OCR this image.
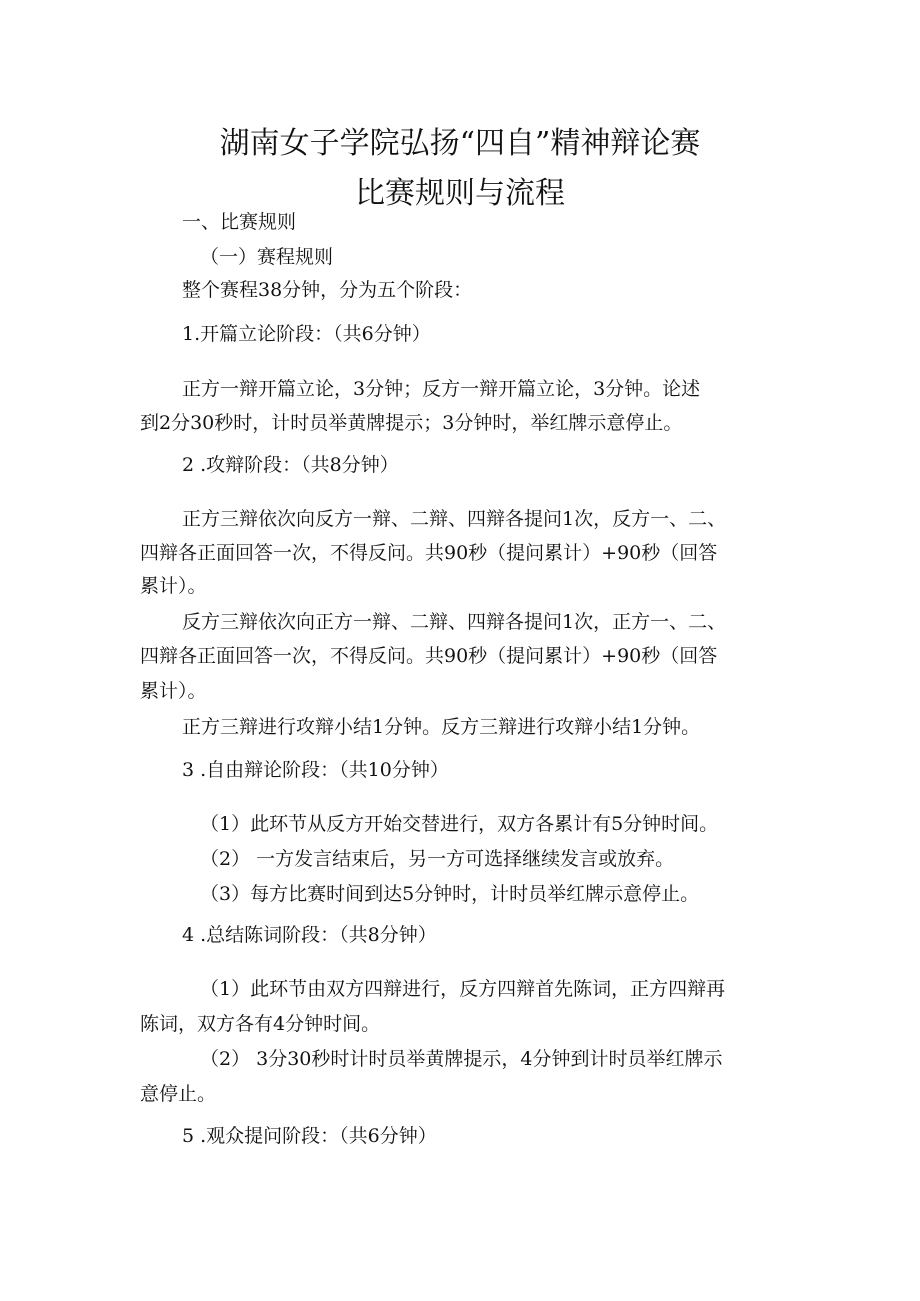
湖南女子学院弘扬“四自”精神辩论赛
比赛规则与流程
一、比赛规则
（一）赛程规则
整个赛程38分钟，分为五个阶段：
1.开篇立论阶段：（共6分钟）
正方一辩开篇立论，3分钟；反方一辩开篇立论，3分钟。论述
到2分30秒时，计时员举黄牌提示；3分钟时，举红牌示意停止。
2 .攻辩阶段：（共8分钟）
正方三辩依次向反方一辩、二辩、四辩各提问1次，反方一、二、
四辩各正面回答一次，不得反问。共90秒（提问累计）+90秒（回答
累计）。
反方三辩依次向正方一辩、二辩、四辩各提问1次，正方一、二、
四辩各正面回答一次，不得反问。共90秒（提问累计）+90秒（回答
累计）。
正方三辩进行攻辩小结1分钟。反方三辩进行攻辩小结1分钟。
3 .自由辩论阶段：（共10分钟）
（1）此环节从反方开始交替进行，双方各累计有5分钟时间。
（2） 一方发言结束后，另一方可选择继续发言或放弃。
（3）每方比赛时间到达5分钟时，计时员举红牌示意停止。
4 .总结陈词阶段：（共8分钟）
（1）此环节由双方四辩进行，反方四辩首先陈词，正方四辩再
陈词，双方各有4分钟时间。
（2） 3分30秒时计时员举黄牌提示，4分钟到计时员举红牌示
意停止。
5 .观众提问阶段：（共6分钟）
